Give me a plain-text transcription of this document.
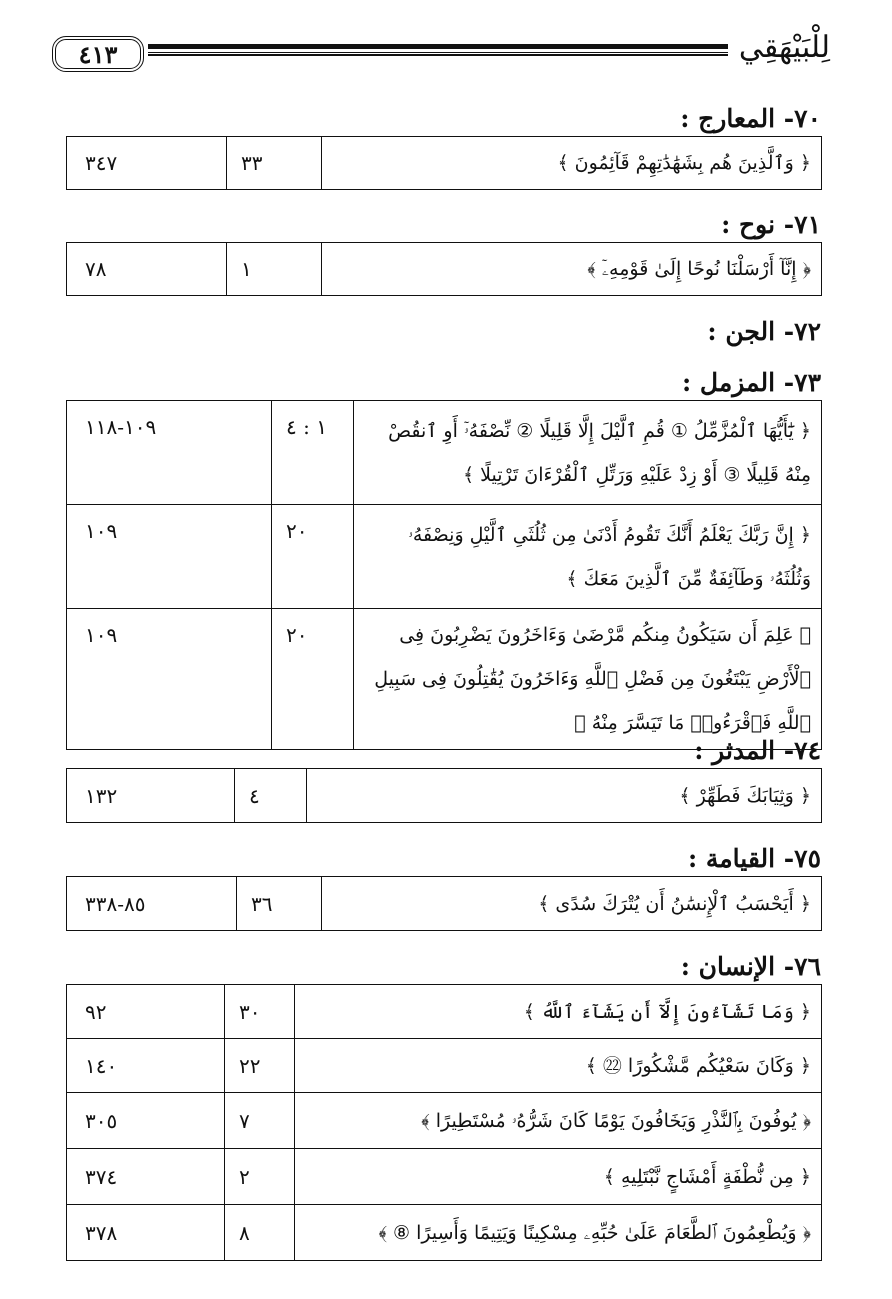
٤١٣	لِلْبَيْهَقِي
٧٠- المعارج :
﴿ وَٱلَّذِينَ هُم بِشَهَٰدَٰتِهِمْ قَآئِمُونَ ﴾	٣٣	٣٤٧
٧١- نوح :
﴿ إِنَّآ أَرْسَلْنَا نُوحًا إِلَىٰ قَوْمِهِۦٓ ﴾	١	٧٨
٧٢- الجن :
٧٣- المزمل :
﴿ يَٰٓأَيُّهَا ٱلْمُزَّمِّلُ ① قُمِ ٱلَّيْلَ إِلَّا قَلِيلًا ② نِّصْفَهُۥٓ أَوِ ٱنقُصْ مِنْهُ قَلِيلًا ③ أَوْ زِدْ عَلَيْهِ وَرَتِّلِ ٱلْقُرْءَانَ تَرْتِيلًا ﴾	١ : ٤	١٠٩-١١٨
﴿ إِنَّ رَبَّكَ يَعْلَمُ أَنَّكَ تَقُومُ أَدْنَىٰ مِن ثُلُثَىِ ٱلَّيْلِ وَنِصْفَهُۥ وَثُلُثَهُۥ وَطَآئِفَةٌ مِّنَ ٱلَّذِينَ مَعَكَ ﴾	٢٠	١٠٩
﴿ عَلِمَ أَن سَيَكُونُ مِنكُم مَّرْضَىٰ وَءَاخَرُونَ يَضْرِبُونَ فِى ٱلْأَرْضِ يَبْتَغُونَ مِن فَضْلِ ٱللَّهِ وَءَاخَرُونَ يُقَٰتِلُونَ فِى سَبِيلِ ٱللَّهِ فَٱقْرَءُوا۟ مَا تَيَسَّرَ مِنْهُ ﴾	٢٠	١٠٩
٧٤- المدثر :
﴿ وَثِيَابَكَ فَطَهِّرْ ﴾	٤	١٣٢
٧٥- القيامة :
﴿ أَيَحْسَبُ ٱلْإِنسَٰنُ أَن يُتْرَكَ سُدًى ﴾	٣٦	٨٥-٣٣٨
٧٦- الإنسان :
﴿ وَمَا تَشَآءُونَ إِلَّآ أَن يَشَآءَ ٱللَّهُ ﴾	٣٠	٩٢
﴿ وَكَانَ سَعْيُكُم مَّشْكُورًا ㉒ ﴾	٢٢	١٤٠
﴿ يُوفُونَ بِٱلنَّذْرِ وَيَخَافُونَ يَوْمًا كَانَ شَرُّهُۥ مُسْتَطِيرًا ﴾	٧	٣٠٥
﴿ مِن نُّطْفَةٍ أَمْشَاجٍ نَّبْتَلِيهِ ﴾	٢	٣٧٤
﴿ وَيُطْعِمُونَ ٱلطَّعَامَ عَلَىٰ حُبِّهِۦ مِسْكِينًا وَيَتِيمًا وَأَسِيرًا ⑧ ﴾	٨	٣٧٨
